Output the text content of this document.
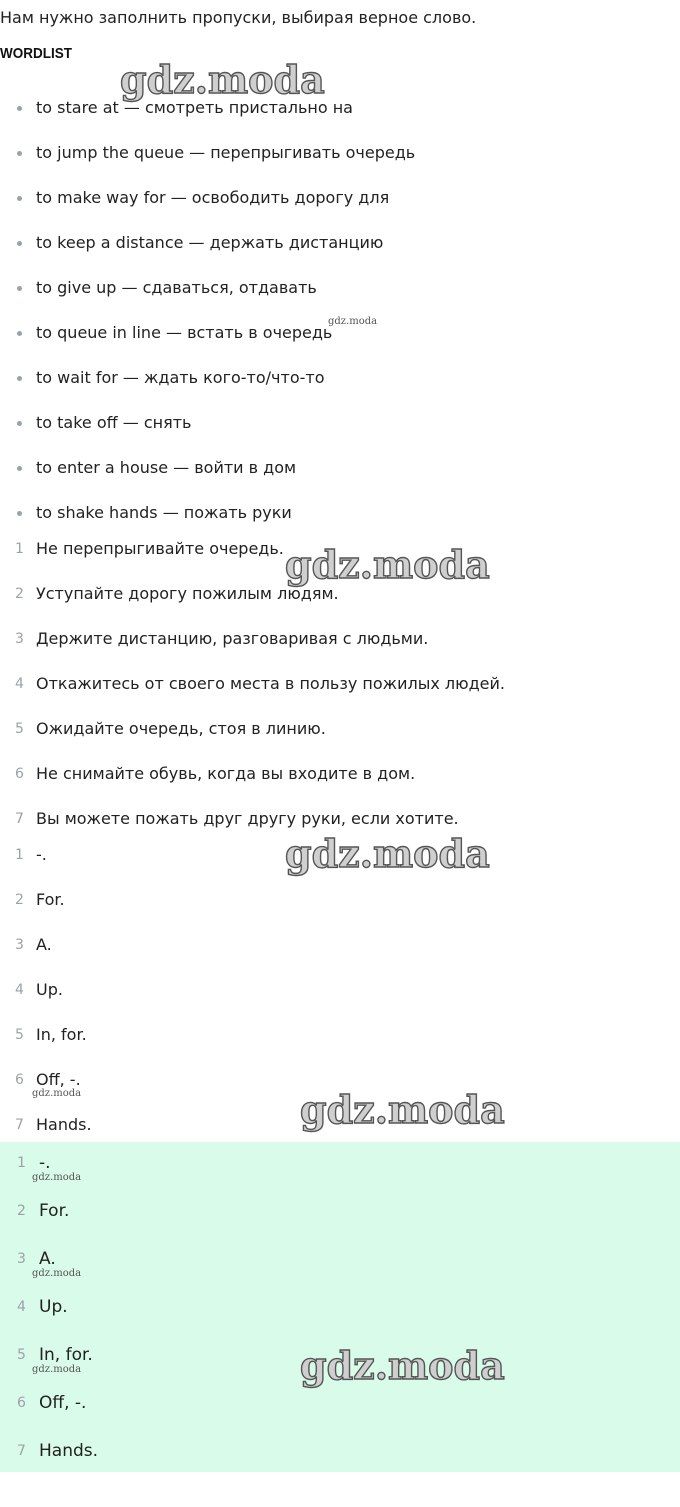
Нам нужно заполнить пропуски, выбирая верное слово.
WORDLIST
to stare at — смотреть пристально на
to jump the queue — перепрыгивать очередь
to make way for — освободить дорогу для
to keep a distance — держать дистанцию
to give up — сдаваться, отдавать
to queue in line — встать в очередь
to wait for — ждать кого-то/что-то
to take off — снять
to enter a house — войти в дом
to shake hands — пожать руки
1 Не перепрыгивайте очередь.
2 Уступайте дорогу пожилым людям.
3 Держите дистанцию, разговаривая с людьми.
4 Откажитесь от своего места в пользу пожилых людей.
5 Ожидайте очередь, стоя в линию.
6 Не снимайте обувь, когда вы входите в дом.
7 Вы можете пожать друг другу руки, если хотите.
1 -.
2 For.
3 A.
4 Up.
5 In, for.
6 Off, -.
7 Hands.
1 -.
2 For.
3 A.
4 Up.
5 In, for.
6 Off, -.
7 Hands.
gdz.moda
gdz.moda
gdz.moda
gdz.moda
gdz.moda	gdz.moda
gdz.moda
gdz.moda
gdz.moda	gdz.moda
